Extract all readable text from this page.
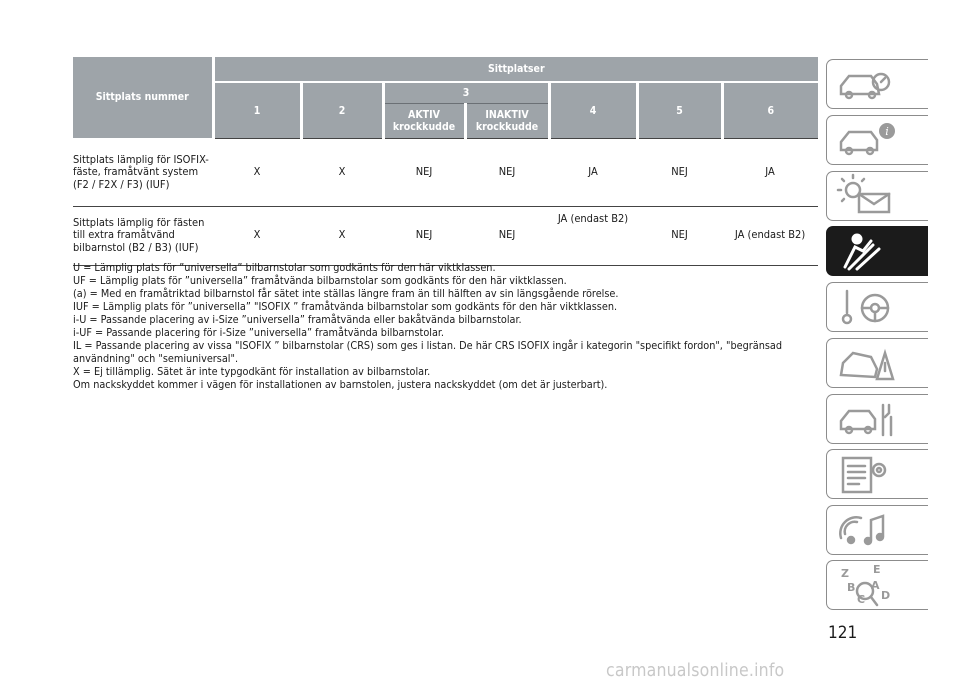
Sittplats nummer	Sittplatser						
	1	2	3		4	5	6
			AKTIV krockkudde	INAKTIV krockkudde			
Sittplats lämplig för ISOFIX-fäste, framåtvänt system (F2 / F2X / F3) (IUF)	X	X	NEJ	NEJ	JA	NEJ	JA
Sittplats lämplig för fästen till extra framåtvänd bilbarnstol (B2 / B3) (IUF)	X	X	NEJ	NEJ	JA (endast B2)	NEJ	JA (endast B2)
U = Lämplig plats för ”universella” bilbarnstolar som godkänts för den här viktklassen.
UF = Lämplig plats för ”universella” framåtvända bilbarnstolar som godkänts för den här viktklassen.
(a) = Med en framåtriktad bilbarnstol får sätet inte ställas längre fram än till hälften av sin längsgående rörelse.
IUF = Lämplig plats för ”universella” "ISOFIX ” framåtvända bilbarnstolar som godkänts för den här viktklassen.
i-U = Passande placering av i-Size ”universella” framåtvända eller bakåtvända bilbarnstolar.
i-UF = Passande placering för i-Size ”universella” framåtvända bilbarnstolar.
IL = Passande placering av vissa "ISOFIX ” bilbarnstolar (CRS) som ges i listan. De här CRS ISOFIX ingår i kategorin "specifikt fordon", "begränsad användning" och "semiuniversal".
X = Ej tillämplig. Sätet är inte typgodkänt för installation av bilbarnstolar.
Om nackskyddet kommer i vägen för installationen av barnstolen, justera nackskyddet (om det är justerbart).
i
Z E
B A
C D
121
carmanualsonline.info
